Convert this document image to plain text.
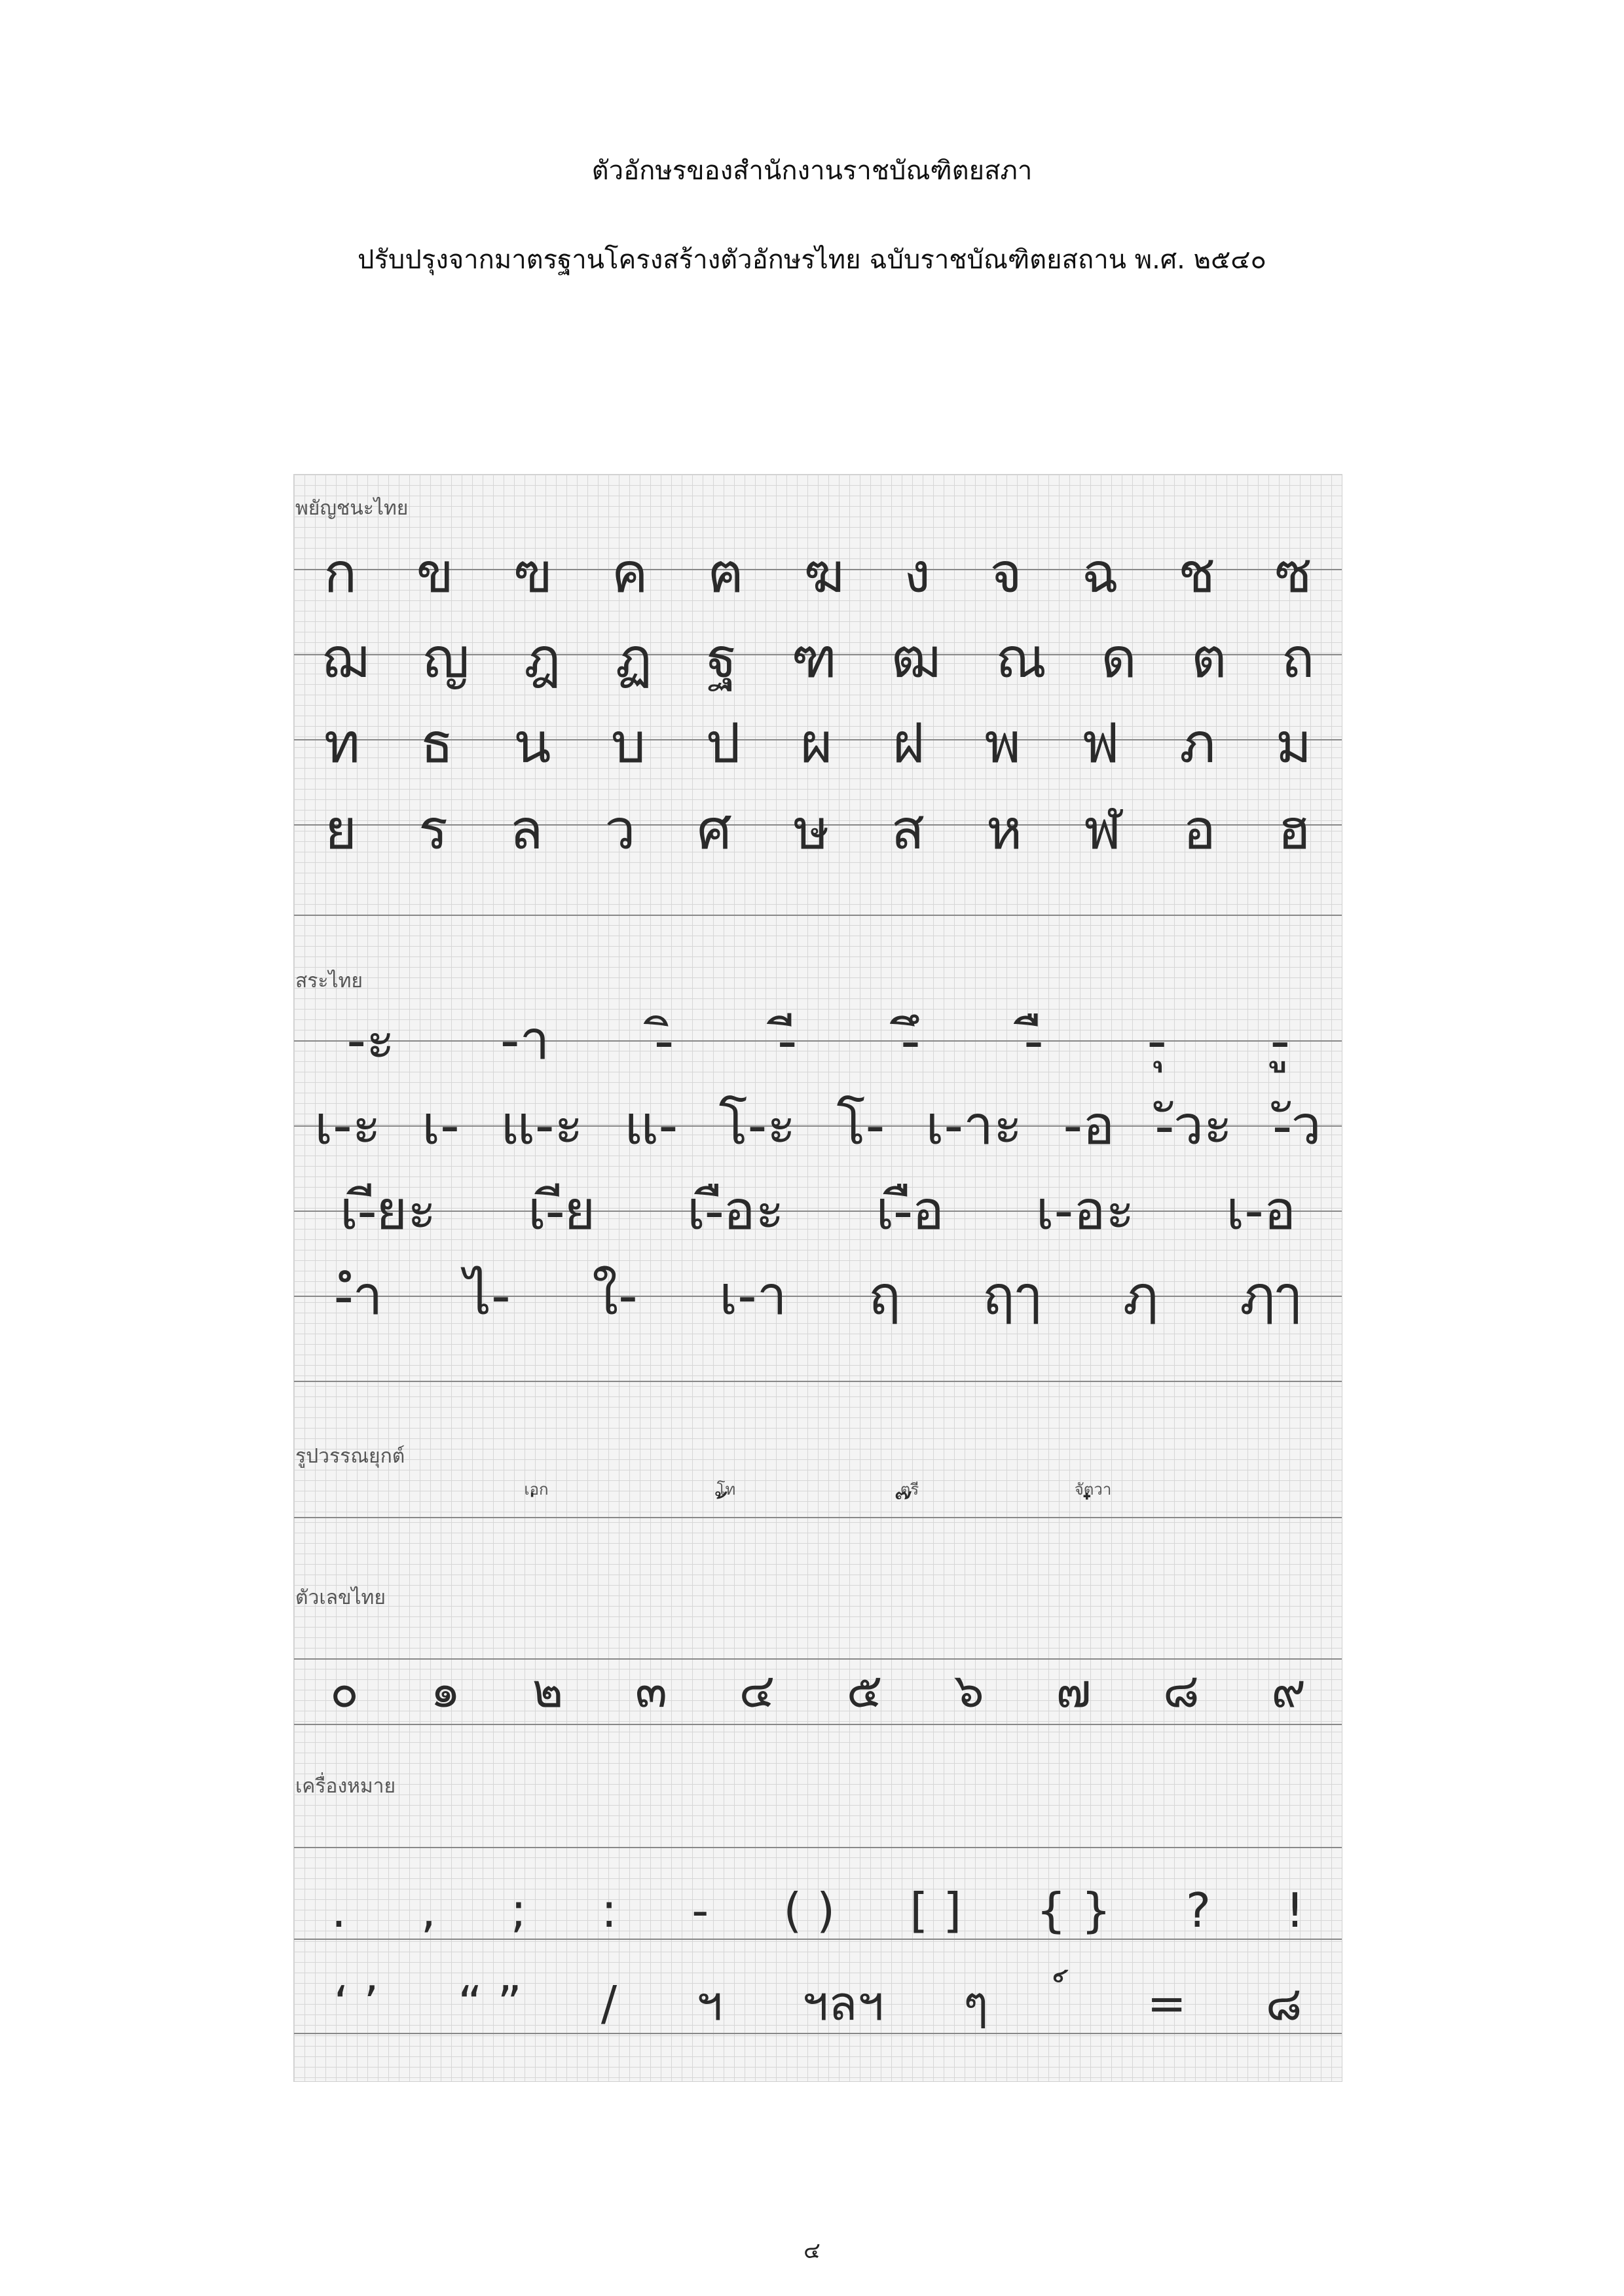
ตัวอักษรของสำนักงานราชบัณฑิตยสภา
ปรับปรุงจากมาตรฐานโครงสร้างตัวอักษรไทย ฉบับราชบัณฑิตยสถาน พ.ศ. ๒๕๔๐
พยัญชนะไทย
สระไทย
รูปวรรณยุกต์
ตัวเลขไทย
เครื่องหมาย
ก ข ฃ ค ฅ ฆ ง จ ฉ ช ซ
ฌ ญ ฎ ฏ ฐ ฑ ฒ ณ ด ต ถ
ท ธ น บ ป ผ ฝ พ ฟ ภ ม
ย ร ล ว ศ ษ ส ห ฬ อ ฮ
-ะ -า -ิ -ี -ึ -ื -ุ -ู
เ-ะ เ- แ-ะ แ- โ-ะ โ- เ-าะ -อ -ัวะ -ัว
เ-ียะ เ-ีย เ-ือะ เ-ือ เ-อะ เ-อ
-ำ ไ- ใ- เ-า ฤ ฤๅ ฦ ฦๅ
เอก	โท	ตรี	จัตวา
๐ ๑ ๒ ๓ ๔ ๕ ๖ ๗ ๘ ๙
. , ; : - ( ) [ ] { } ? !
‘ ’ “ ” / ฯ ฯลฯ ๆ	= ๘
๔
